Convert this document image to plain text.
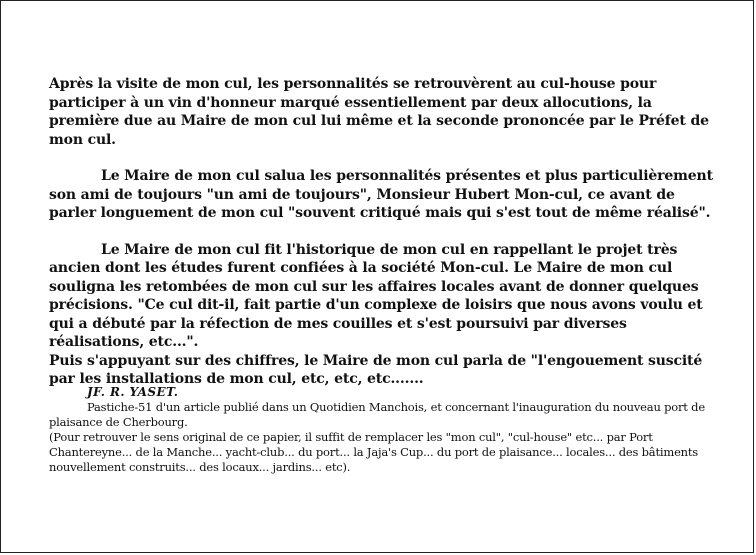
Après la visite de mon cul, les personnalités se retrouvèrent au cul-house pour participer à un vin d'honneur marqué essentiellement par deux allocutions, la première due au Maire de mon cul lui même et la seconde prononcée par le Préfet de mon cul.

Le Maire de mon cul salua les personnalités présentes et plus particulièrement son ami de toujours "un ami de toujours", Monsieur Hubert Mon-cul, ce avant de parler longuement de mon cul "souvent critiqué mais qui s'est tout de même réalisé".

Le Maire de mon cul fit l'historique de mon cul en rappellant le projet très ancien dont les études furent confiées à la société Mon-cul. Le Maire de mon cul souligna les retombées de mon cul sur les affaires locales avant de donner quelques précisions. "Ce cul dit-il, fait partie d'un complexe de loisirs que nous avons voulu et qui a débuté par la réfection de mes couilles et s'est poursuivi par diverses réalisations, etc...".

Puis s'appuyant sur des chiffres, le Maire de mon cul parla de "l'engouement suscité par les installations de mon cul, etc, etc, etc.......

JF. R. YASET.
Pastiche-51 d'un article publié dans un Quotidien Manchois, et concernant l'inauguration du nouveau port de plaisance de Cherbourg.
(Pour retrouver le sens original de ce papier, il suffit de remplacer les "mon cul", "cul-house" etc... par Port Chantereyne... de la Manche... yacht-club... du port... la Jaja's Cup... du port de plaisance... locales... des bâtiments nouvellement construits... des locaux... jardins... etc).
